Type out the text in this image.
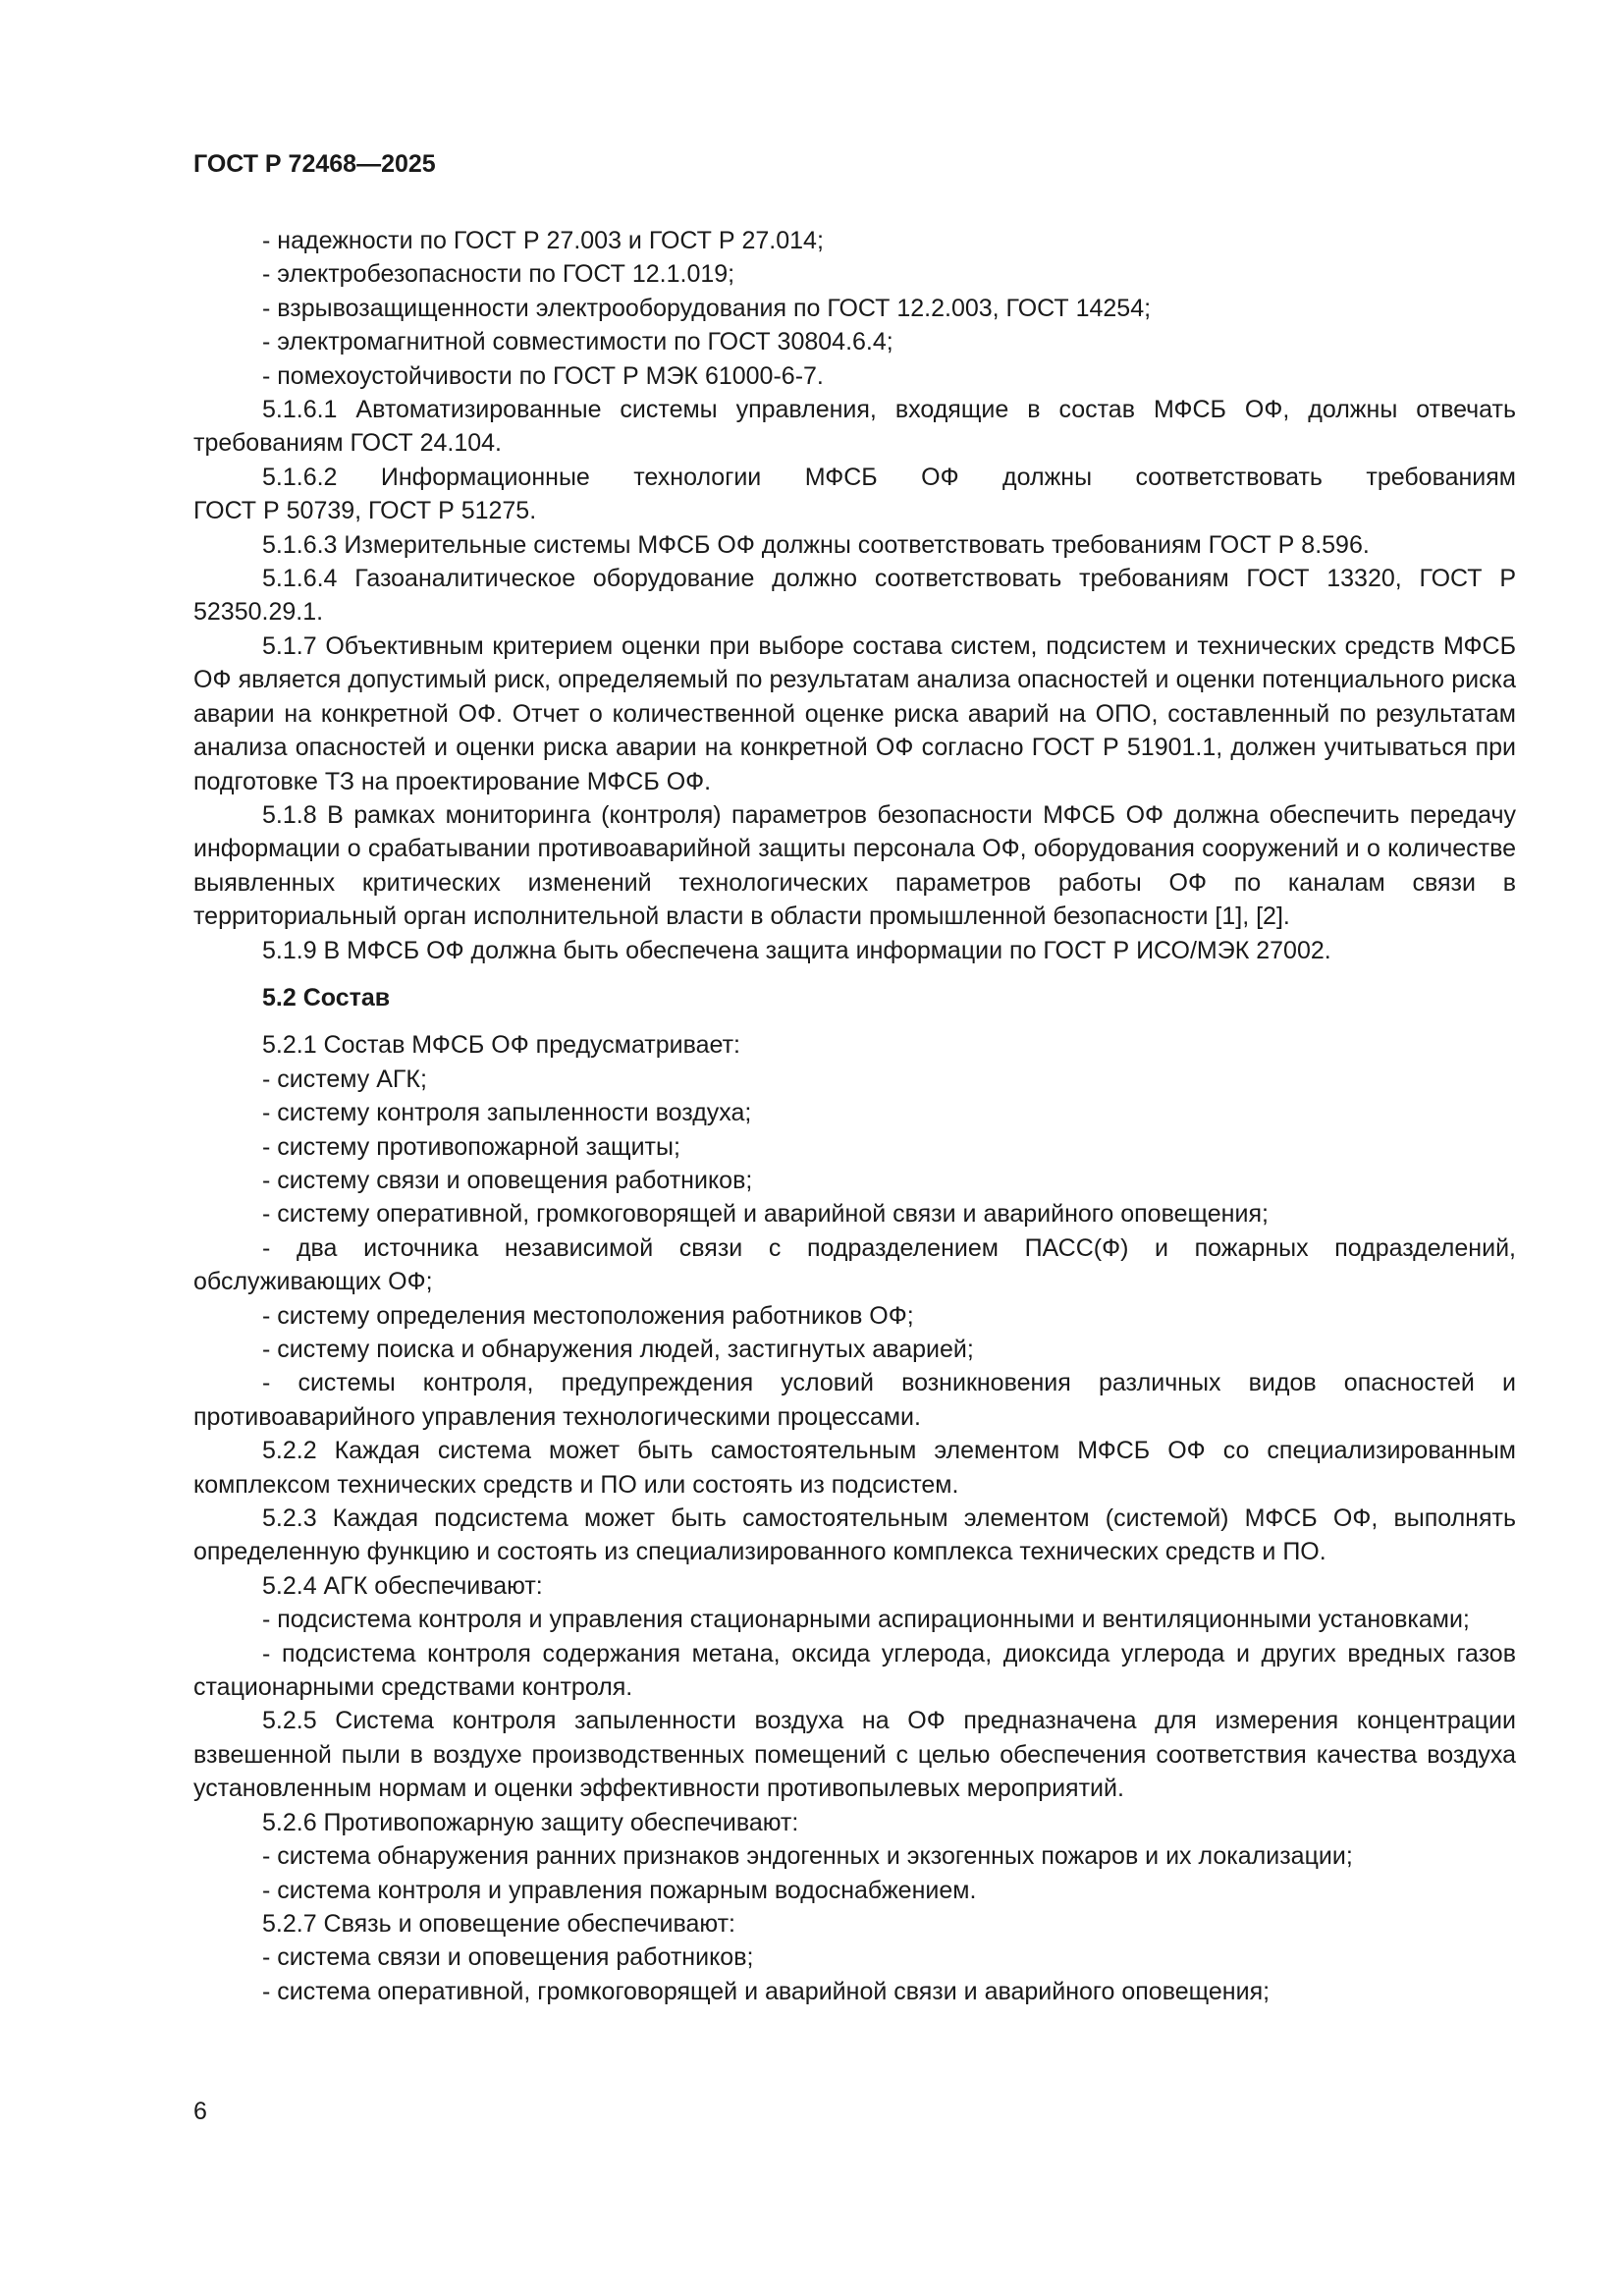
ГОСТ Р 72468—2025

- надежности по ГОСТ Р 27.003 и ГОСТ Р 27.014;

- электробезопасности по ГОСТ 12.1.019;

- взрывозащищенности электрооборудования по ГОСТ 12.2.003, ГОСТ 14254;

- электромагнитной совместимости по ГОСТ 30804.6.4;

- помехоустойчивости по ГОСТ Р МЭК 61000-6-7.

5.1.6.1 Автоматизированные системы управления, входящие в состав МФСБ ОФ, должны отвечать требованиям ГОСТ 24.104.

5.1.6.2 Информационные технологии МФСБ ОФ должны соответствовать требованиям

ГОСТ Р 50739, ГОСТ Р 51275.

5.1.6.3 Измерительные системы МФСБ ОФ должны соответствовать требованиям ГОСТ Р 8.596.

5.1.6.4 Газоаналитическое оборудование должно соответствовать требованиям ГОСТ 13320, ГОСТ Р 52350.29.1.

5.1.7 Объективным критерием оценки при выборе состава систем, подсистем и технических средств МФСБ ОФ является допустимый риск, определяемый по результатам анализа опасностей и оценки потенциального риска аварии на конкретной ОФ. Отчет о количественной оценке риска аварий на ОПО, составленный по результатам анализа опасностей и оценки риска аварии на конкретной ОФ согласно ГОСТ Р 51901.1, должен учитываться при подготовке ТЗ на проектирование МФСБ ОФ.

5.1.8 В рамках мониторинга (контроля) параметров безопасности МФСБ ОФ должна обеспечить передачу информации о срабатывании противоаварийной защиты персонала ОФ, оборудования сооружений и о количестве выявленных критических изменений технологических параметров работы ОФ по каналам связи в территориальный орган исполнительной власти в области промышленной безопасности [1], [2].

5.1.9 В МФСБ ОФ должна быть обеспечена защита информации по ГОСТ Р ИСО/МЭК 27002.

5.2 Состав

5.2.1 Состав МФСБ ОФ предусматривает:

- систему АГК;

- систему контроля запыленности воздуха;

- систему противопожарной защиты;

- систему связи и оповещения работников;

- систему оперативной, громкоговорящей и аварийной связи и аварийного оповещения;

- два источника независимой связи с подразделением ПАСС(Ф) и пожарных подразделений, обслуживающих ОФ;

- систему определения местоположения работников ОФ;

- систему поиска и обнаружения людей, застигнутых аварией;

- системы контроля, предупреждения условий возникновения различных видов опасностей и противоаварийного управления технологическими процессами.

5.2.2 Каждая система может быть самостоятельным элементом МФСБ ОФ со специализированным комплексом технических средств и ПО или состоять из подсистем.

5.2.3 Каждая подсистема может быть самостоятельным элементом (системой) МФСБ ОФ, выполнять определенную функцию и состоять из специализированного комплекса технических средств и ПО.

5.2.4 АГК обеспечивают:

- подсистема контроля и управления стационарными аспирационными и вентиляционными установками;

- подсистема контроля содержания метана, оксида углерода, диоксида углерода и других вредных газов стационарными средствами контроля.

5.2.5 Система контроля запыленности воздуха на ОФ предназначена для измерения концентрации взвешенной пыли в воздухе производственных помещений с целью обеспечения соответствия качества воздуха установленным нормам и оценки эффективности противопылевых мероприятий.

5.2.6 Противопожарную защиту обеспечивают:

- система обнаружения ранних признаков эндогенных и экзогенных пожаров и их локализации;

- система контроля и управления пожарным водоснабжением.

5.2.7 Связь и оповещение обеспечивают:

- система связи и оповещения работников;

- система оперативной, громкоговорящей и аварийной связи и аварийного оповещения;

6
